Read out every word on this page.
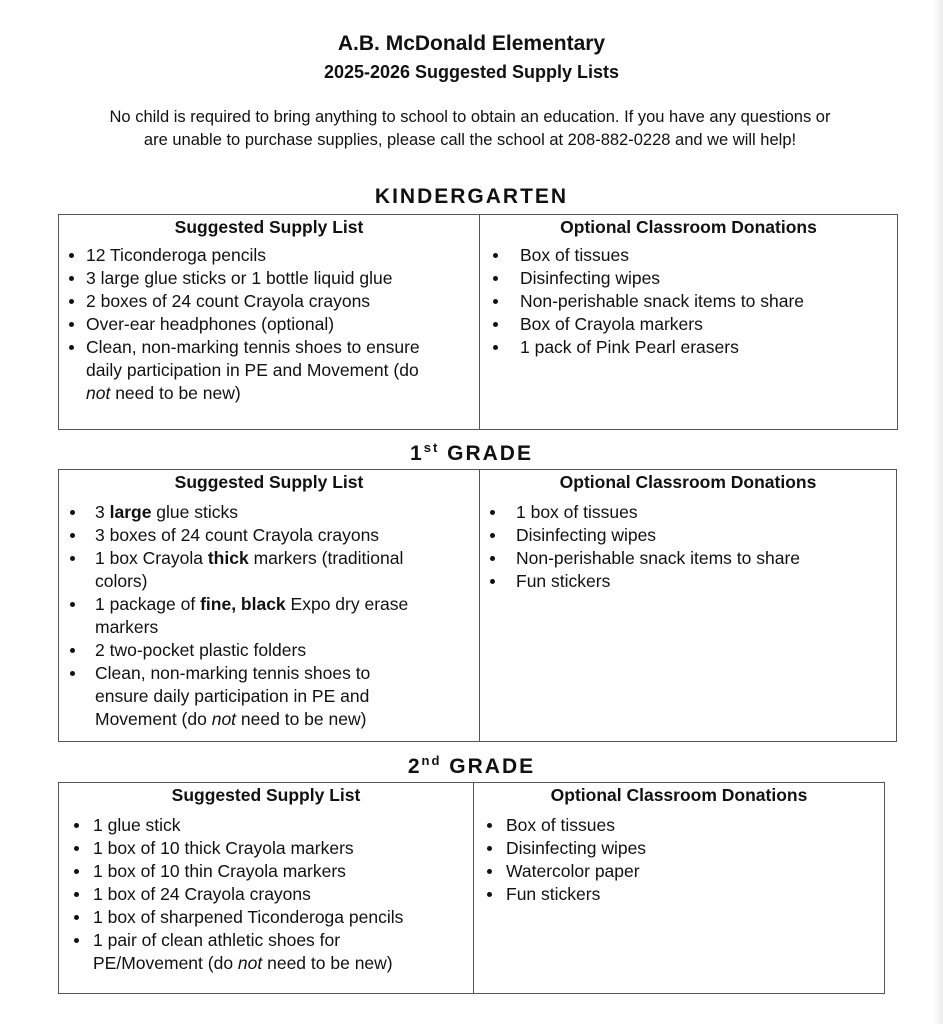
A.B. McDonald Elementary
2025-2026 Suggested Supply Lists
No child is required to bring anything to school to obtain an education. If you have any questions or
are unable to purchase supplies, please call the school at 208-882-0228 and we will help!
KINDERGARTEN
Suggested Supply List
12 Ticonderoga pencils
3 large glue sticks or 1 bottle liquid glue
2 boxes of 24 count Crayola crayons
Over-ear headphones (optional)
Clean, non-marking tennis shoes to ensure
daily participation in PE and Movement (do
not need to be new)
Optional Classroom Donations
Box of tissues
Disinfecting wipes
Non-perishable snack items to share
Box of Crayola markers
1 pack of Pink Pearl erasers
1st GRADE
Suggested Supply List
3 large glue sticks
3 boxes of 24 count Crayola crayons
1 box Crayola thick markers (traditional
colors)
1 package of fine, black Expo dry erase
markers
2 two-pocket plastic folders
Clean, non-marking tennis shoes to
ensure daily participation in PE and
Movement (do not need to be new)
Optional Classroom Donations
1 box of tissues
Disinfecting wipes
Non-perishable snack items to share
Fun stickers
2nd GRADE
Suggested Supply List
1 glue stick
1 box of 10 thick Crayola markers
1 box of 10 thin Crayola markers
1 box of 24 Crayola crayons
1 box of sharpened Ticonderoga pencils
1 pair of clean athletic shoes for
PE/Movement (do not need to be new)
Optional Classroom Donations
Box of tissues
Disinfecting wipes
Watercolor paper
Fun stickers
